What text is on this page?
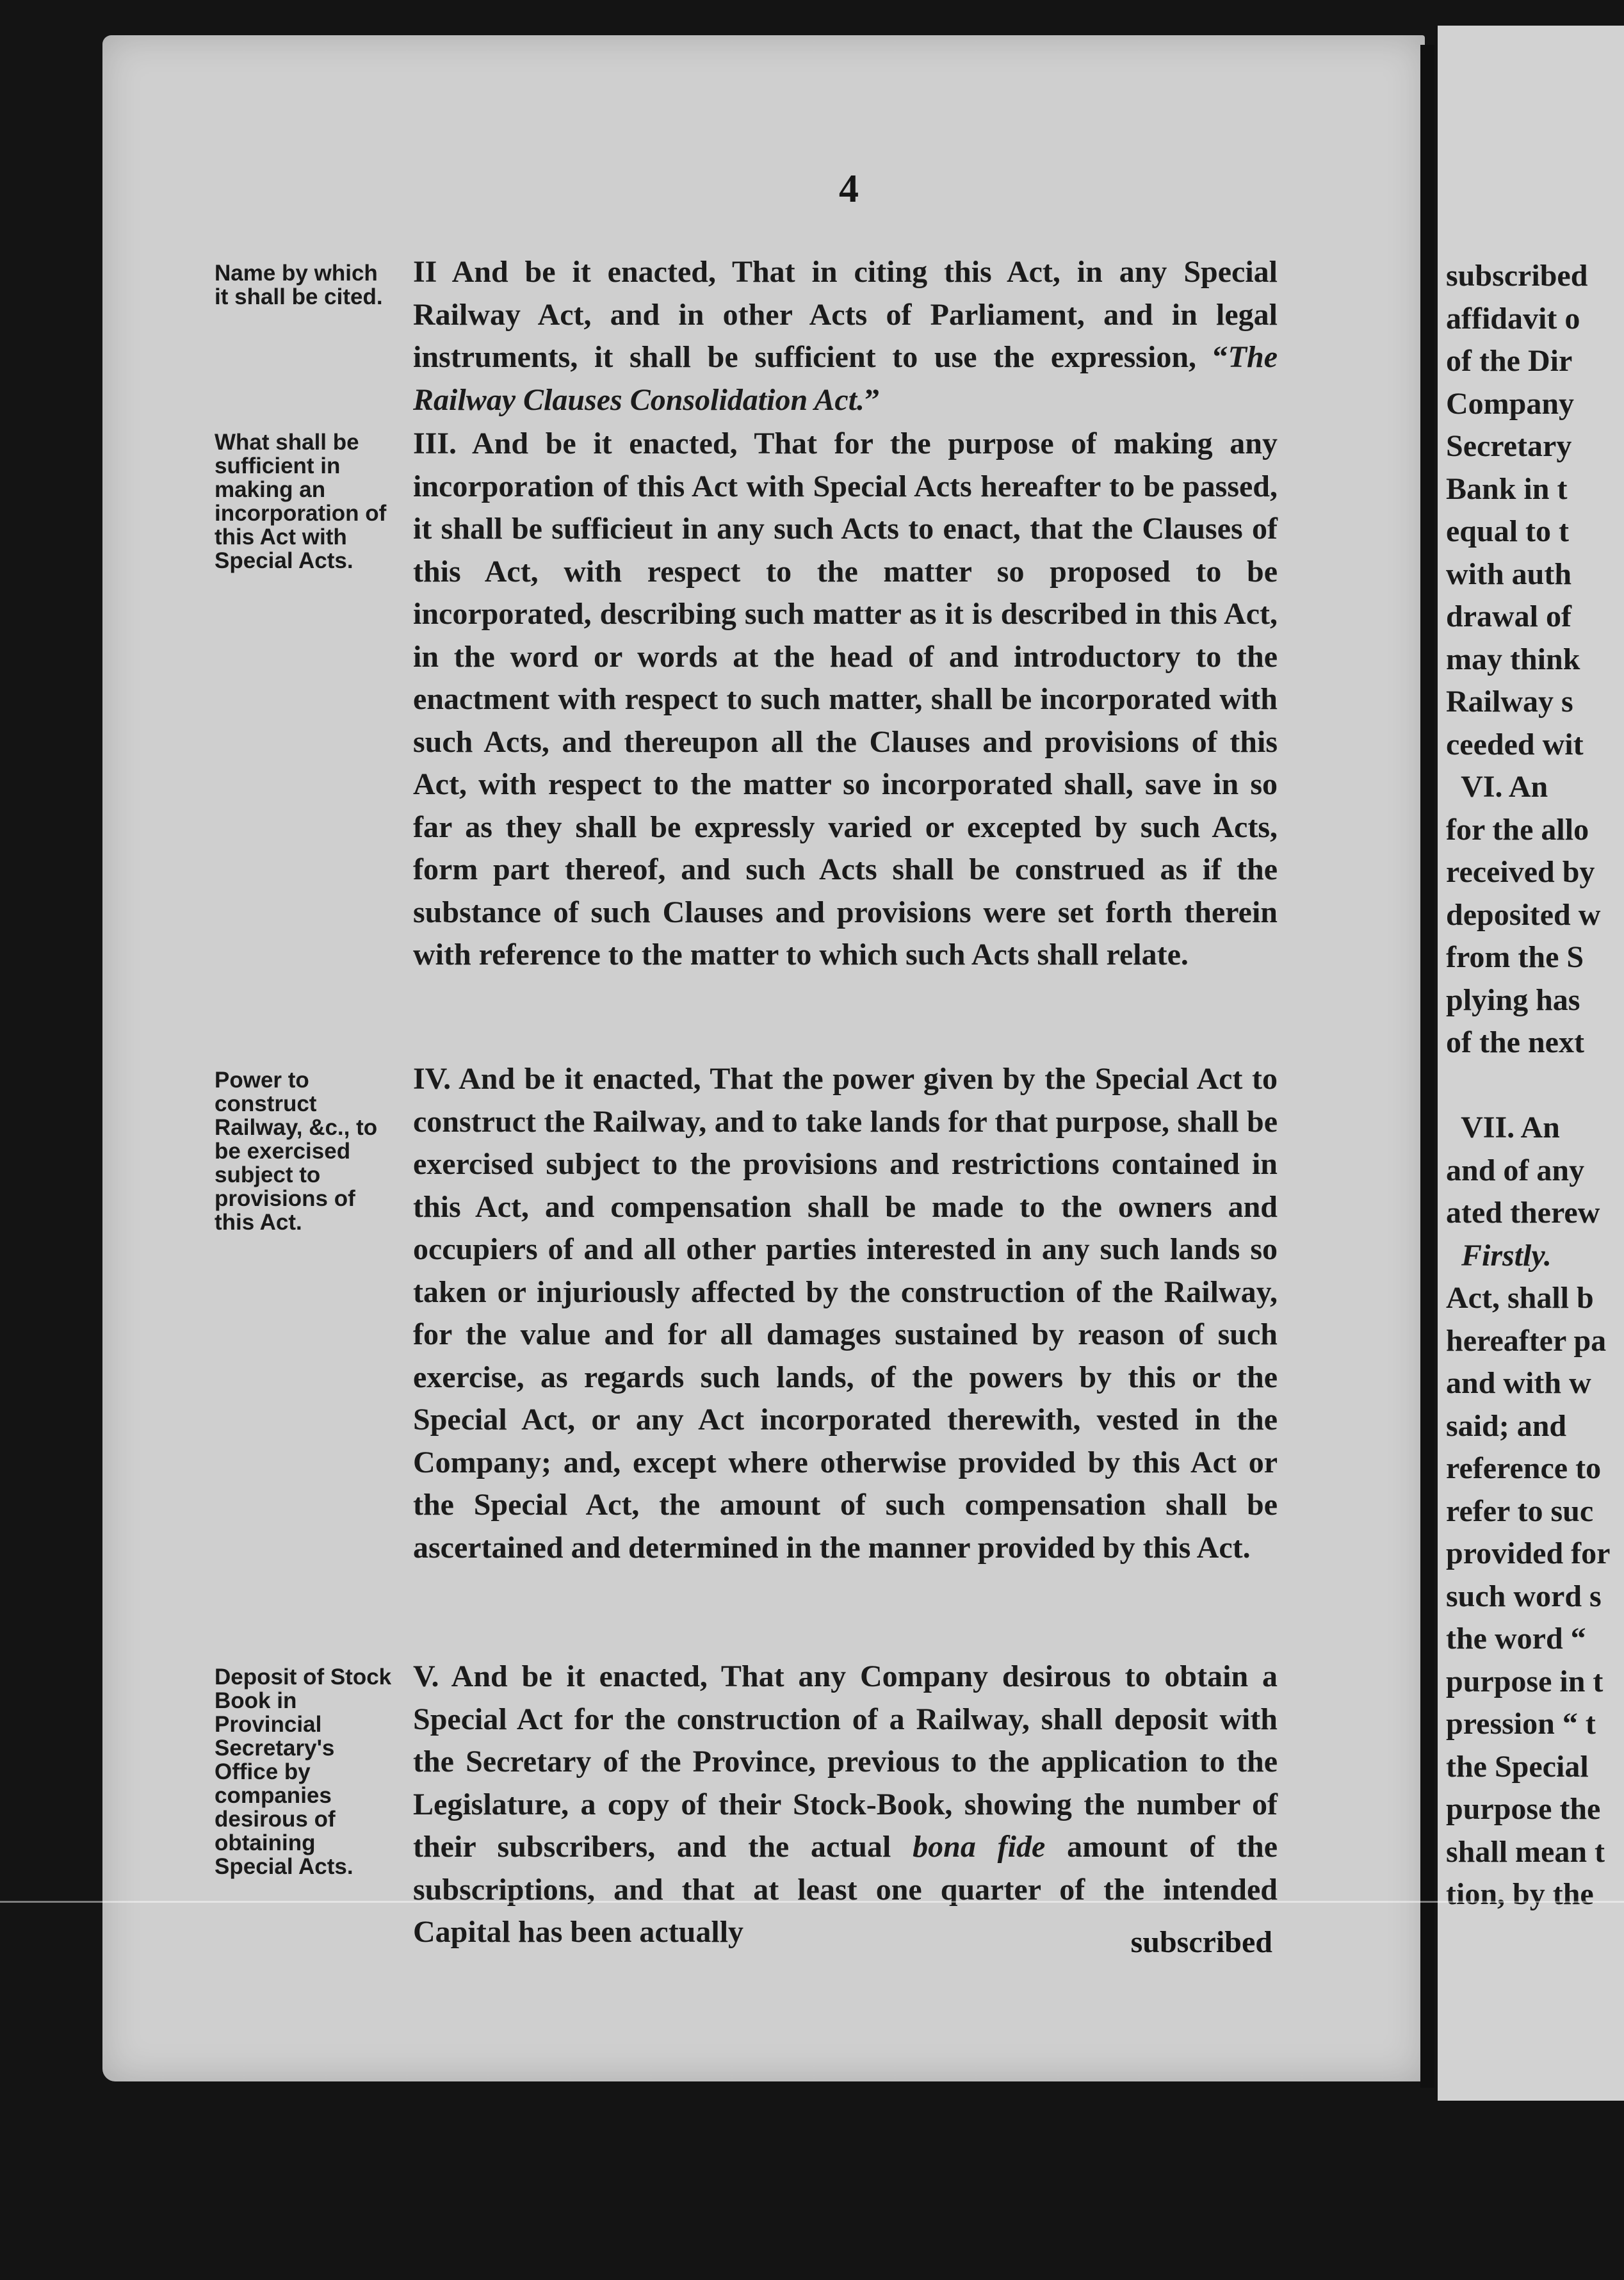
4
Name by which it shall be cited.
What shall be sufficient in making an incorporation of this Act with Special Acts.
Power to construct Railway, &c., to be exercised subject to provisions of this Act.
Deposit of Stock Book in Provincial Secretary's Office by companies desirous of obtaining Special Acts.
II And be it enacted, That in citing this Act, in any Special Railway Act, and in other Acts of Parliament, and in legal instruments, it shall be sufficient to use the expression, “The Railway Clauses Consolidation Act.”
III. And be it enacted, That for the purpose of making any incorporation of this Act with Special Acts hereafter to be passed, it shall be sufficieut in any such Acts to enact, that the Clauses of this Act, with respect to the matter so proposed to be incorporated, describing such matter as it is described in this Act, in the word or words at the head of and introductory to the enactment with respect to such matter, shall be incorporated with such Acts, and thereupon all the Clauses and provisions of this Act, with respect to the matter so incorporated shall, save in so far as they shall be expressly varied or excepted by such Acts, form part thereof, and such Acts shall be construed as if the substance of such Clauses and provisions were set forth therein with reference to the matter to which such Acts shall relate.
IV. And be it enacted, That the power given by the Special Act to construct the Railway, and to take lands for that purpose, shall be exercised subject to the provisions and restrictions contained in this Act, and compensation shall be made to the owners and occupiers of and all other parties interested in any such lands so taken or injuriously affected by the construction of the Railway, for the value and for all damages sustained by reason of such exercise, as regards such lands, of the powers by this or the Special Act, or any Act incorporated therewith, vested in the Company; and, except where otherwise provided by this Act or the Special Act, the amount of such compensation shall be ascertained and determined in the manner provided by this Act.
V. And be it enacted, That any Company desirous to obtain a Special Act for the construction of a Railway, shall deposit with the Secretary of the Province, previous to the application to the Legislature, a copy of their Stock-Book, showing the number of their subscribers, and the actual bona fide amount of the subscriptions, and that at least one quarter of the intended Capital has been actually	subscribed
subscribed
affidavit o
of the Dir
Company
Secretary
Bank in t
equal to t
with auth
drawal of
may think
Railway s
ceeded wit
VI. An
for the allo
received by
deposited w
from the S
plying has
of the next

VII. An
and of any
ated therew
Firstly.
Act, shall b
hereafter pa
and with w
said; and
reference to
refer to suc
provided for
such word s
the word “
purpose in t
pression “ t
the Special
purpose the
shall mean t
tion, by the
